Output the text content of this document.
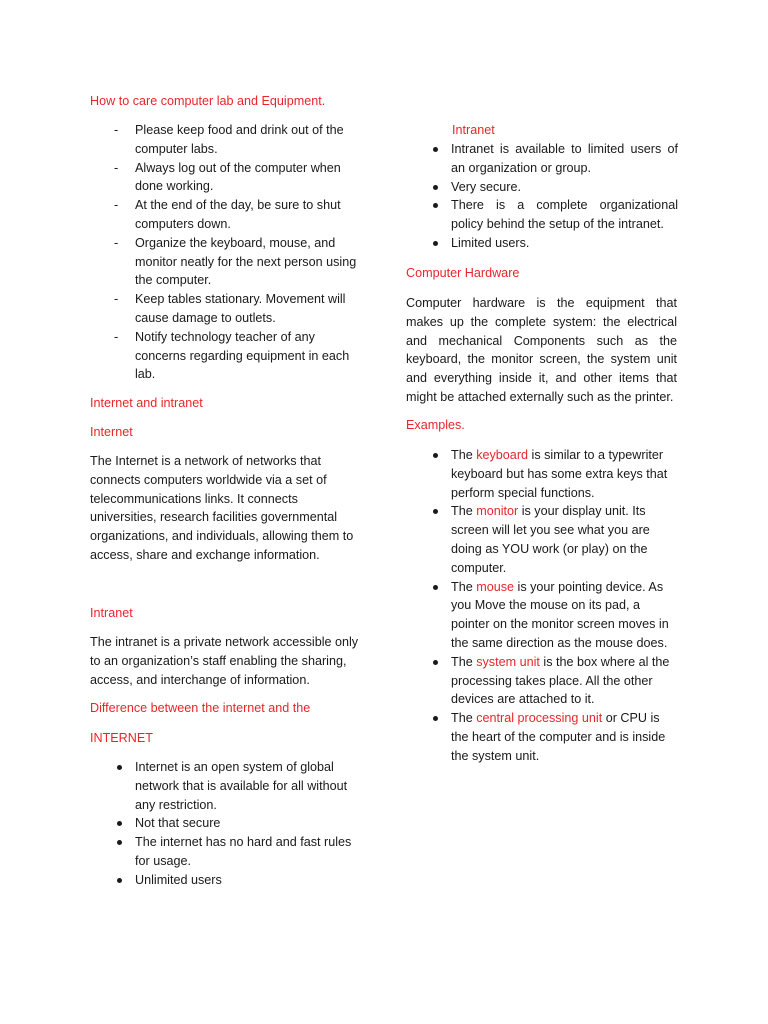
How to care computer lab and Equipment.
- Please keep food and drink out of the computer labs.
- Always log out of the computer when done working.
- At the end of the day, be sure to shut computers down.
- Organize the keyboard, mouse, and monitor neatly for the next person using the computer.
- Keep tables stationary. Movement will cause damage to outlets.
- Notify technology teacher of any concerns regarding equipment in each lab.
Internet and intranet
Internet
The Internet is a network of networks that connects computers worldwide via a set of telecommunications links. It connects universities, research facilities governmental organizations, and individuals, allowing them to access, share and exchange information.
Intranet
The intranet is a private network accessible only to an organization’s staff enabling the sharing, access, and interchange of information.
Difference between the internet and the
INTERNET
Internet is an open system of global network that is available for all without any restriction.
Not that secure
The internet has no hard and fast rules for usage.
Unlimited users
Intranet
Intranet is available to limited users of an organization or group.
Very secure.
There is a complete organizational policy behind the setup of the intranet.
Limited users.
Computer Hardware
Computer hardware is the equipment that makes up the complete system: the electrical and mechanical Components such as the keyboard, the monitor screen, the system unit and everything inside it, and other items that might be attached externally such as the printer.
Examples.
The keyboard is similar to a typewriter keyboard but has some extra keys that perform special functions.
The monitor is your display unit. Its screen will let you see what you are doing as YOU work (or play) on the computer.
The mouse is your pointing device. As you Move the mouse on its pad, a pointer on the monitor screen moves in the same direction as the mouse does.
The system unit is the box where al the processing takes place. All the other devices are attached to it.
The central processing unit or CPU is the heart of the computer and is inside the system unit.
